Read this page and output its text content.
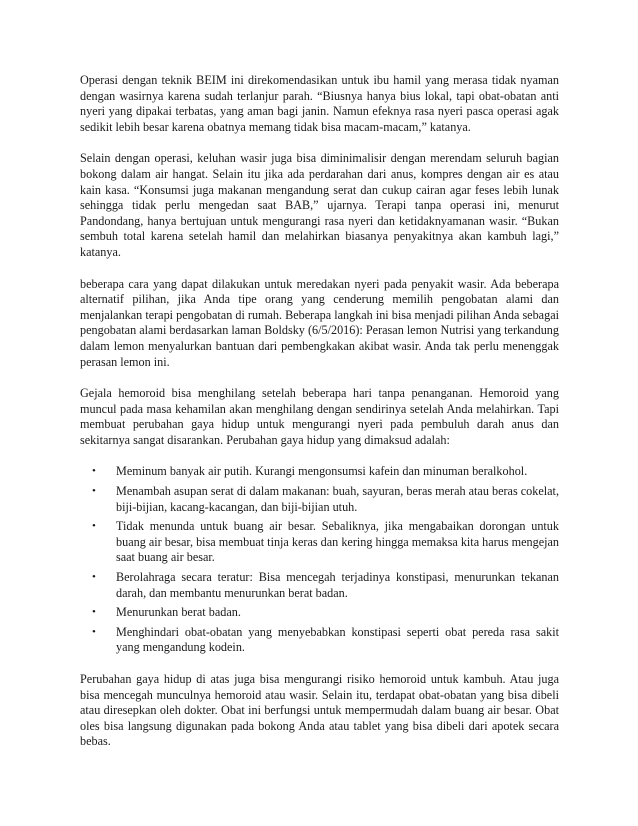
Operasi dengan teknik BEIM ini direkomendasikan untuk ibu hamil yang merasa tidak nyaman dengan wasirnya karena sudah terlanjur parah. “Biusnya hanya bius lokal, tapi obat-obatan anti nyeri yang dipakai terbatas, yang aman bagi janin. Namun efeknya rasa nyeri pasca operasi agak sedikit lebih besar karena obatnya memang tidak bisa macam-macam,” katanya.

Selain dengan operasi, keluhan wasir juga bisa diminimalisir dengan merendam seluruh bagian bokong dalam air hangat. Selain itu jika ada perdarahan dari anus, kompres dengan air es atau kain kasa. “Konsumsi juga makanan mengandung serat dan cukup cairan agar feses lebih lunak sehingga tidak perlu mengedan saat BAB,” ujarnya. Terapi tanpa operasi ini, menurut Pandondang, hanya bertujuan untuk mengurangi rasa nyeri dan ketidaknyamanan wasir. “Bukan sembuh total karena setelah hamil dan melahirkan biasanya penyakitnya akan kambuh lagi,” katanya.

beberapa cara yang dapat dilakukan untuk meredakan nyeri pada penyakit wasir. Ada beberapa alternatif pilihan, jika Anda tipe orang yang cenderung memilih pengobatan alami dan menjalankan terapi pengobatan di rumah. Beberapa langkah ini bisa menjadi pilihan Anda sebagai pengobatan alami berdasarkan laman Boldsky (6/5/2016): Perasan lemon Nutrisi yang terkandung dalam lemon menyalurkan bantuan dari pembengkakan akibat wasir. Anda tak perlu menenggak perasan lemon ini.

Gejala hemoroid bisa menghilang setelah beberapa hari tanpa penanganan. Hemoroid yang muncul pada masa kehamilan akan menghilang dengan sendirinya setelah Anda melahirkan. Tapi membuat perubahan gaya hidup untuk mengurangi nyeri pada pembuluh darah anus dan sekitarnya sangat disarankan. Perubahan gaya hidup yang dimaksud adalah:

•	Meminum banyak air putih. Kurangi mengonsumsi kafein dan minuman beralkohol.
•	Menambah asupan serat di dalam makanan: buah, sayuran, beras merah atau beras cokelat, biji-bijian, kacang-kacangan, dan biji-bijian utuh.
•	Tidak menunda untuk buang air besar. Sebaliknya, jika mengabaikan dorongan untuk buang air besar, bisa membuat tinja keras dan kering hingga memaksa kita harus mengejan saat buang air besar.
•	Berolahraga secara teratur: Bisa mencegah terjadinya konstipasi, menurunkan tekanan darah, dan membantu menurunkan berat badan.
•	Menurunkan berat badan.
•	Menghindari obat-obatan yang menyebabkan konstipasi seperti obat pereda rasa sakit yang mengandung kodein.

Perubahan gaya hidup di atas juga bisa mengurangi risiko hemoroid untuk kambuh. Atau juga bisa mencegah munculnya hemoroid atau wasir. Selain itu, terdapat obat-obatan yang bisa dibeli atau diresepkan oleh dokter. Obat ini berfungsi untuk mempermudah dalam buang air besar. Obat oles bisa langsung digunakan pada bokong Anda atau tablet yang bisa dibeli dari apotek secara bebas.
